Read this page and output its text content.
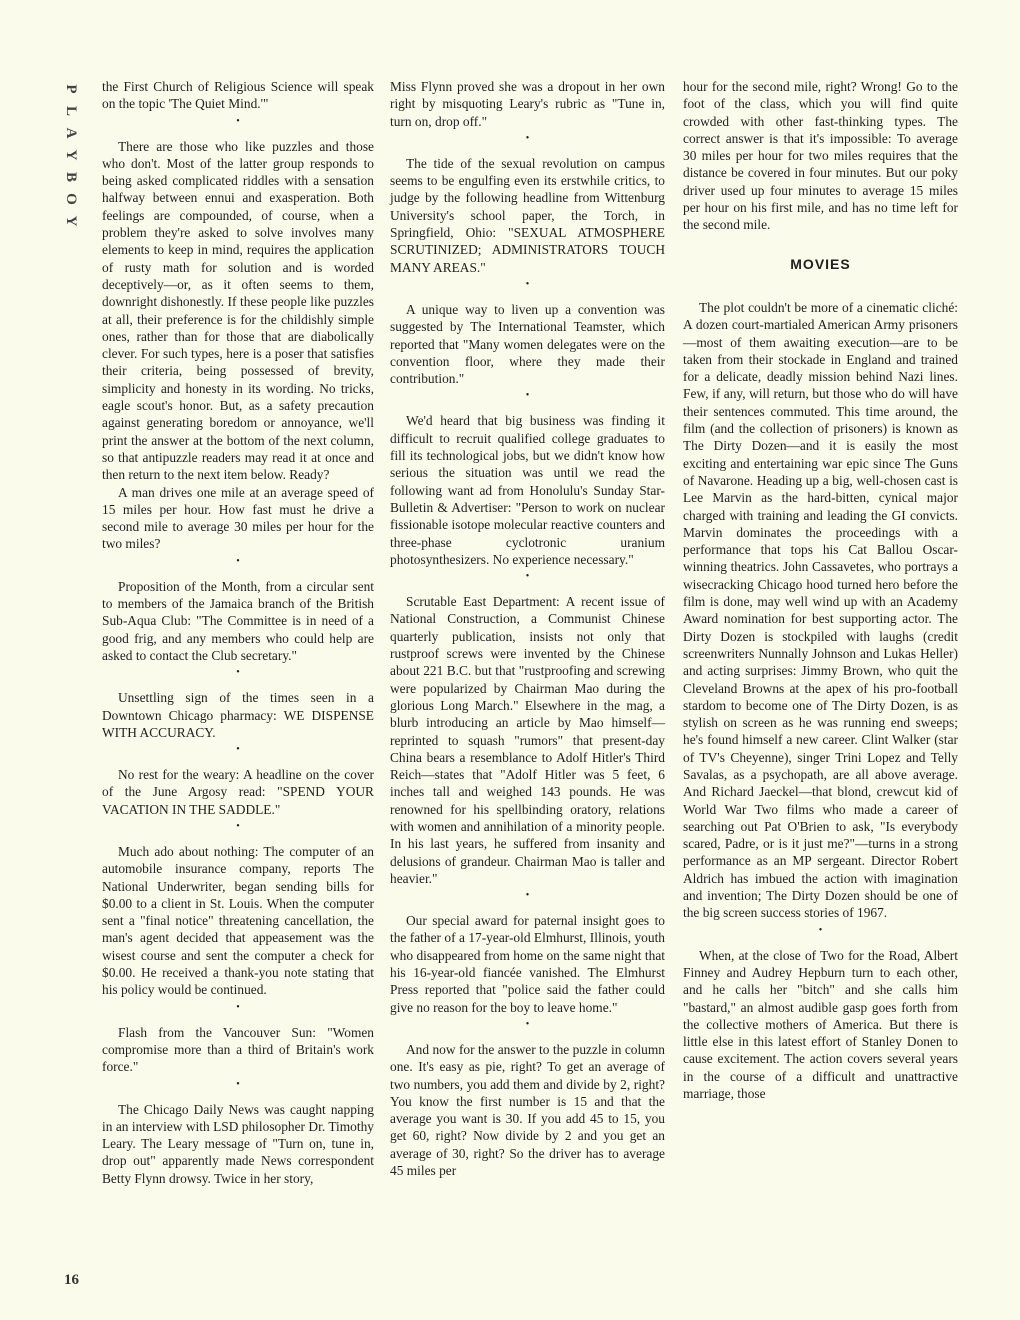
P
L
A
Y
B
O
Y
16

the First Church of Religious Science will speak on the topic 'The Quiet Mind.'"

•

There are those who like puzzles and those who don't. Most of the latter group responds to being asked complicated riddles with a sensation halfway between ennui and exasperation. Both feelings are compounded, of course, when a problem they're asked to solve involves many elements to keep in mind, requires the application of rusty math for solution and is worded deceptively—or, as it often seems to them, downright dishonestly. If these people like puzzles at all, their preference is for the childishly simple ones, rather than for those that are diabolically clever. For such types, here is a poser that satisfies their criteria, being possessed of brevity, simplicity and honesty in its wording. No tricks, eagle scout's honor. But, as a safety precaution against generating boredom or annoyance, we'll print the answer at the bottom of the next column, so that antipuzzle readers may read it at once and then return to the next item below. Ready?

A man drives one mile at an average speed of 15 miles per hour. How fast must he drive a second mile to average 30 miles per hour for the two miles?

•

Proposition of the Month, from a circular sent to members of the Jamaica branch of the British Sub-Aqua Club: "The Committee is in need of a good frig, and any members who could help are asked to contact the Club secretary."

•

Unsettling sign of the times seen in a Downtown Chicago pharmacy: WE DISPENSE WITH ACCURACY.

•

No rest for the weary: A headline on the cover of the June Argosy read: "SPEND YOUR VACATION IN THE SADDLE."

•

Much ado about nothing: The computer of an automobile insurance company, reports The National Underwriter, began sending bills for $0.00 to a client in St. Louis. When the computer sent a "final notice" threatening cancellation, the man's agent decided that appeasement was the wisest course and sent the computer a check for $0.00. He received a thank-you note stating that his policy would be continued.

•

Flash from the Vancouver Sun: "Women compromise more than a third of Britain's work force."

•

The Chicago Daily News was caught napping in an interview with LSD philosopher Dr. Timothy Leary. The Leary message of "Turn on, tune in, drop out" apparently made News correspondent Betty Flynn drowsy. Twice in her story,

Miss Flynn proved she was a dropout in her own right by misquoting Leary's rubric as "Tune in, turn on, drop off."

•

The tide of the sexual revolution on campus seems to be engulfing even its erstwhile critics, to judge by the following headline from Wittenburg University's school paper, the Torch, in Springfield, Ohio: "SEXUAL ATMOSPHERE SCRUTINIZED; ADMINISTRATORS TOUCH MANY AREAS."

•

A unique way to liven up a convention was suggested by The International Teamster, which reported that "Many women delegates were on the convention floor, where they made their contribution."

•

We'd heard that big business was finding it difficult to recruit qualified college graduates to fill its technological jobs, but we didn't know how serious the situation was until we read the following want ad from Honolulu's Sunday Star-Bulletin & Advertiser: "Person to work on nuclear fissionable isotope molecular reactive counters and three-phase cyclotronic uranium photosynthesizers. No experience necessary."

•

Scrutable East Department: A recent issue of National Construction, a Communist Chinese quarterly publication, insists not only that rustproof screws were invented by the Chinese about 221 B.C. but that "rustproofing and screwing were popularized by Chairman Mao during the glorious Long March." Elsewhere in the mag, a blurb introducing an article by Mao himself—reprinted to squash "rumors" that present-day China bears a resemblance to Adolf Hitler's Third Reich—states that "Adolf Hitler was 5 feet, 6 inches tall and weighed 143 pounds. He was renowned for his spellbinding oratory, relations with women and annihilation of a minority people. In his last years, he suffered from insanity and delusions of grandeur. Chairman Mao is taller and heavier."

•

Our special award for paternal insight goes to the father of a 17-year-old Elmhurst, Illinois, youth who disappeared from home on the same night that his 16-year-old fiancée vanished. The Elmhurst Press reported that "police said the father could give no reason for the boy to leave home."

•

And now for the answer to the puzzle in column one. It's easy as pie, right? To get an average of two numbers, you add them and divide by 2, right? You know the first number is 15 and that the average you want is 30. If you add 45 to 15, you get 60, right? Now divide by 2 and you get an average of 30, right? So the driver has to average 45 miles per

hour for the second mile, right? Wrong! Go to the foot of the class, which you will find quite crowded with other fast-thinking types. The correct answer is that it's impossible: To average 30 miles per hour for two miles requires that the distance be covered in four minutes. But our poky driver used up four minutes to average 15 miles per hour on his first mile, and has no time left for the second mile.

MOVIES

The plot couldn't be more of a cinematic cliché: A dozen court-martialed American Army prisoners—most of them awaiting execution—are to be taken from their stockade in England and trained for a delicate, deadly mission behind Nazi lines. Few, if any, will return, but those who do will have their sentences commuted. This time around, the film (and the collection of prisoners) is known as The Dirty Dozen—and it is easily the most exciting and entertaining war epic since The Guns of Navarone. Heading up a big, well-chosen cast is Lee Marvin as the hard-bitten, cynical major charged with training and leading the GI convicts. Marvin dominates the proceedings with a performance that tops his Cat Ballou Oscar-winning theatrics. John Cassavetes, who portrays a wisecracking Chicago hood turned hero before the film is done, may well wind up with an Academy Award nomination for best supporting actor. The Dirty Dozen is stockpiled with laughs (credit screenwriters Nunnally Johnson and Lukas Heller) and acting surprises: Jimmy Brown, who quit the Cleveland Browns at the apex of his pro-football stardom to become one of The Dirty Dozen, is as stylish on screen as he was running end sweeps; he's found himself a new career. Clint Walker (star of TV's Cheyenne), singer Trini Lopez and Telly Savalas, as a psychopath, are all above average. And Richard Jaeckel—that blond, crewcut kid of World War Two films who made a career of searching out Pat O'Brien to ask, "Is everybody scared, Padre, or is it just me?"—turns in a strong performance as an MP sergeant. Director Robert Aldrich has imbued the action with imagination and invention; The Dirty Dozen should be one of the big screen success stories of 1967.

•

When, at the close of Two for the Road, Albert Finney and Audrey Hepburn turn to each other, and he calls her "bitch" and she calls him "bastard," an almost audible gasp goes forth from the collective mothers of America. But there is little else in this latest effort of Stanley Donen to cause excitement. The action covers several years in the course of a difficult and unattractive marriage, those
